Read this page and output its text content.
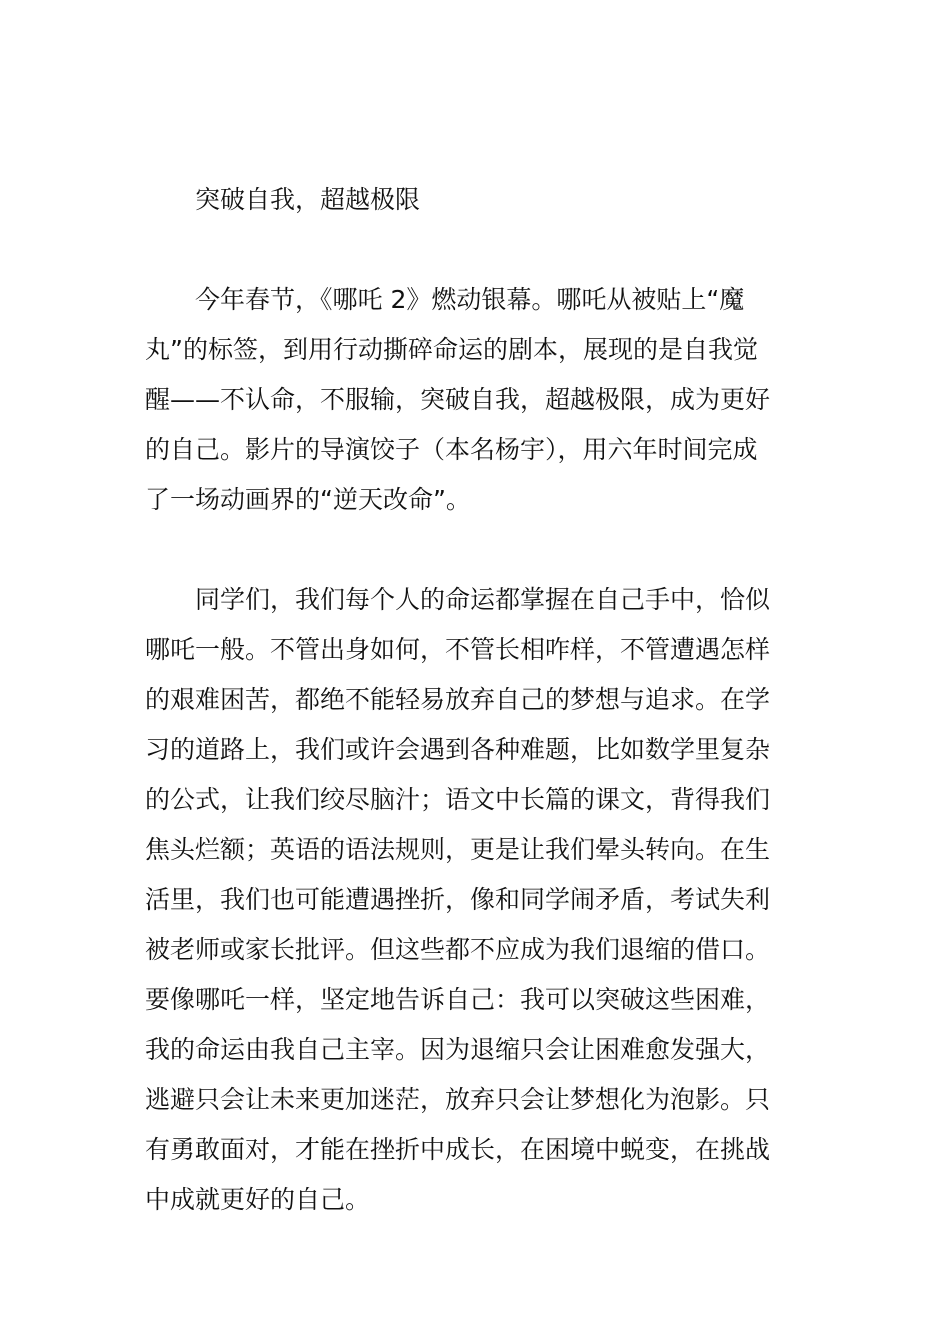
突破自我，超越极限
今年春节，《哪吒 2》燃动银幕。哪吒从被贴上“魔
丸”的标签，到用行动撕碎命运的剧本，展现的是自我觉
醒——不认命，不服输，突破自我，超越极限，成为更好
的自己。影片的导演饺子（本名杨宇），用六年时间完成
了一场动画界的“逆天改命”。
同学们，我们每个人的命运都掌握在自己手中，恰似
哪吒一般。不管出身如何，不管长相咋样，不管遭遇怎样
的艰难困苦，都绝不能轻易放弃自己的梦想与追求。在学
习的道路上，我们或许会遇到各种难题，比如数学里复杂
的公式，让我们绞尽脑汁；语文中长篇的课文，背得我们
焦头烂额；英语的语法规则，更是让我们晕头转向。在生
活里，我们也可能遭遇挫折，像和同学闹矛盾，考试失利
被老师或家长批评。但这些都不应成为我们退缩的借口。
要像哪吒一样，坚定地告诉自己：我可以突破这些困难，
我的命运由我自己主宰。因为退缩只会让困难愈发强大，
逃避只会让未来更加迷茫，放弃只会让梦想化为泡影。只
有勇敢面对，才能在挫折中成长，在困境中蜕变，在挑战
中成就更好的自己。
